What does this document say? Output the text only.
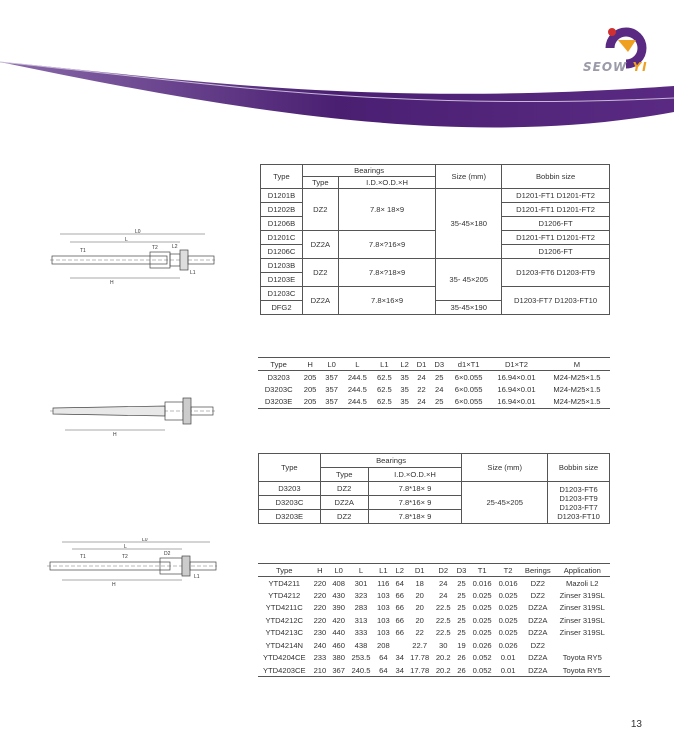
SEOW YI
L0
L
T1	T2	L2
L1
H
Type	Bearings		Size (mm)	Bobbin size
	Type	I.D.×O.D.×H		
D1201B	DZ2	7.8× 18×9	35-45×180	D1201-FT1 D1201-FT2
D1202B				D1201-FT1 D1201-FT2
D1206B				D1206-FT
D1201C	DZ2A	7.8×?16×9		D1201-FT1 D1201-FT2
D1206C				D1206-FT
D1203B	DZ2	7.8×?18×9	35- 45×205	D1203-FT6 D1203-FT9
D1203E				
D1203C	DZ2A	7.8×16×9		D1203-FT7 D1203-FT10
DFG2			35-45×190	
H
Type	H	L0	L	L1	L2	D1	D3	d1×T1	D1×T2	M
D3203	205	357	244.5	62.5	35	24	25	6×0.055	16.94×0.01	M24-M25×1.5
D3203C	205	357	244.5	62.5	35	22	24	6×0.055	16.94×0.01	M24-M25×1.5
D3203E	205	357	244.5	62.5	35	24	25	6×0.055	16.94×0.01	M24-M25×1.5
Type	Bearings		Size (mm)	Bobbin size
	Type	I.D.×O.D.×H		
D3203	DZ2	7.8*18× 9	25-45×205	D1203-FT6
D1203-FT9
D1203-FT7
D1203-FT10

D3203C	DZ2A	7.8*16× 9		
D3203E	DZ2	7.8*18× 9		
L0
L
T1	T2	D2
L1
H
Type	H	L0	L	L1	L2	D1	D2	D3	T1	T2	Berings	Application
YTD4211	220	408	301	116	64	18	24	25	0.016	0.016	DZ2	Mazoli L2
YTD4212	220	430	323	103	66	20	24	25	0.025	0.025	DZ2	Zinser 319SL
YTD4211C	220	390	283	103	66	20	22.5	25	0.025	0.025	DZ2A	Zinser 319SL
YTD4212C	220	420	313	103	66	20	22.5	25	0.025	0.025	DZ2A	Zinser 319SL
YTD4213C	230	440	333	103	66	22	22.5	25	0.025	0.025	DZ2A	Zinser 319SL
YTD4214N	240	460	438	208		22.7	30	19	0.026	0.026	DZ2	
YTD4204CE	233	380	253.5	64	34	17.78	20.2	26	0.052	0.01	DZ2A	Toyota RY5
YTD4203CE	210	367	240.5	64	34	17.78	20.2	26	0.052	0.01	DZ2A	Toyota RY5
13
